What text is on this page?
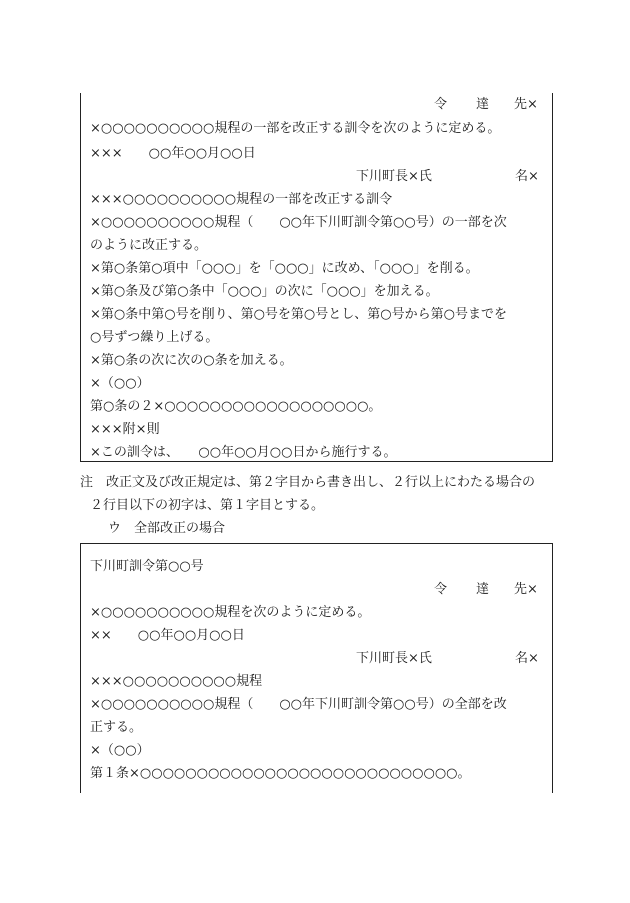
令 達 先×
×○○○○○○○○○○規程の一部を改正する訓令を次のように定める。
×××　　○○年○○月○○日
下川町長×氏	名×
×××○○○○○○○○○○規程の一部を改正する訓令
×○○○○○○○○○○規程（　　○○年下川町訓令第○○号）の一部を次
のように改正する。
×第○条第○項中「○○○」を「○○○」に改め、「○○○」を削る。
×第○条及び第○条中「○○○」の次に「○○○」を加える。
×第○条中第○号を削り、第○号を第○号とし、第○号から第○号までを
○号ずつ繰り上げる。
×第○条の次に次の○条を加える。
×（○○）
第○条の２×○○○○○○○○○○○○○○○○○○。
×××附×則
×この訓令は、　　○○年○○月○○日から施行する。
注　改正文及び改正規定は、第２字目から書き出し、２行以上にわたる場合の
２行目以下の初字は、第１字目とする。
ウ　全部改正の場合
下川町訓令第○○号
令 達 先×
×○○○○○○○○○○規程を次のように定める。
××　　○○年○○月○○日
下川町長×氏	名×
×××○○○○○○○○○○規程
×○○○○○○○○○○規程（　　○○年下川町訓令第○○号）の全部を改
正する。
×（○○）
第１条×○○○○○○○○○○○○○○○○○○○○○○○○○○○○。
